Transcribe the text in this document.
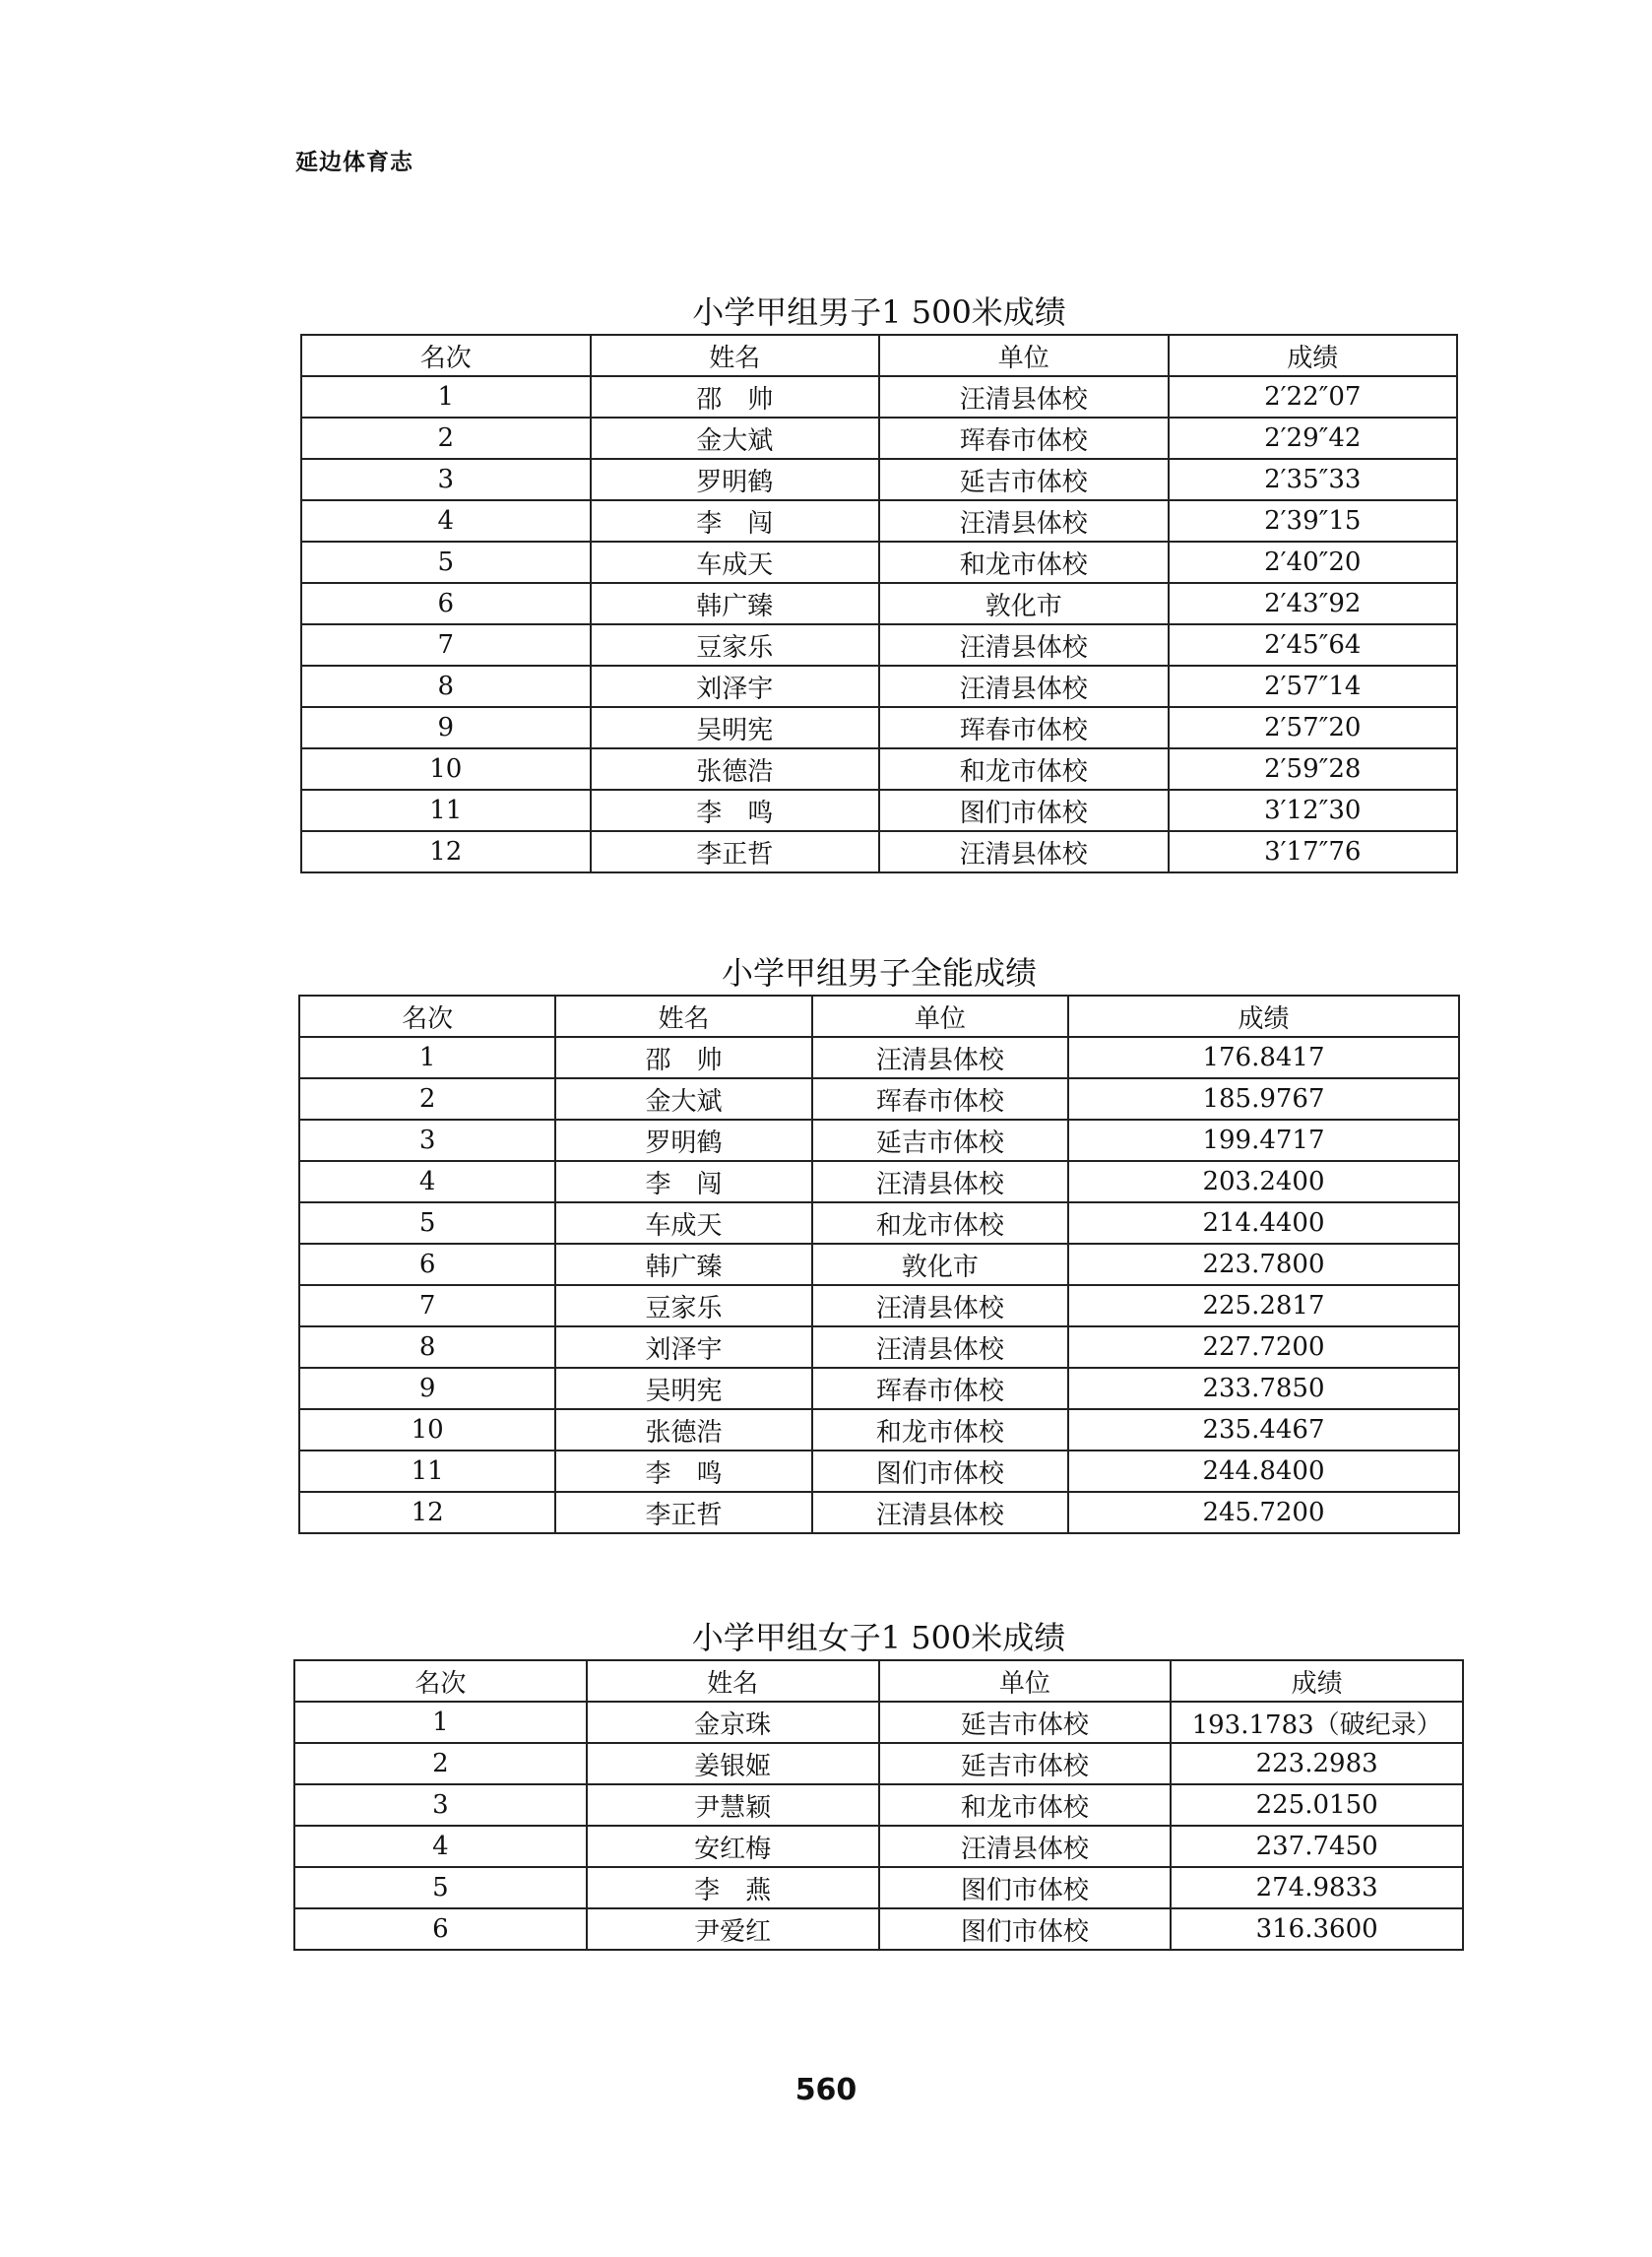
延边体育志
小学甲组男子1 500米成绩
名次	姓名	单位	成绩
1	邵　帅	汪清县体校	2′22″07
2	金大斌	珲春市体校	2′29″42
3	罗明鹤	延吉市体校	2′35″33
4	李　闯	汪清县体校	2′39″15
5	车成天	和龙市体校	2′40″20
6	韩广臻	敦化市	2′43″92
7	豆家乐	汪清县体校	2′45″64
8	刘泽宇	汪清县体校	2′57″14
9	吴明宪	珲春市体校	2′57″20
10	张德浩	和龙市体校	2′59″28
11	李　鸣	图们市体校	3′12″30
12	李正哲	汪清县体校	3′17″76
小学甲组男子全能成绩
名次	姓名	单位	成绩
1	邵　帅	汪清县体校	176.8417
2	金大斌	珲春市体校	185.9767
3	罗明鹤	延吉市体校	199.4717
4	李　闯	汪清县体校	203.2400
5	车成天	和龙市体校	214.4400
6	韩广臻	敦化市	223.7800
7	豆家乐	汪清县体校	225.2817
8	刘泽宇	汪清县体校	227.7200
9	吴明宪	珲春市体校	233.7850
10	张德浩	和龙市体校	235.4467
11	李　鸣	图们市体校	244.8400
12	李正哲	汪清县体校	245.7200
小学甲组女子1 500米成绩
名次	姓名	单位	成绩
1	金京珠	延吉市体校	193.1783（破纪录）
2	姜银姬	延吉市体校	223.2983
3	尹慧颖	和龙市体校	225.0150
4	安红梅	汪清县体校	237.7450
5	李　燕	图们市体校	274.9833
6	尹爱红	图们市体校	316.3600
560
